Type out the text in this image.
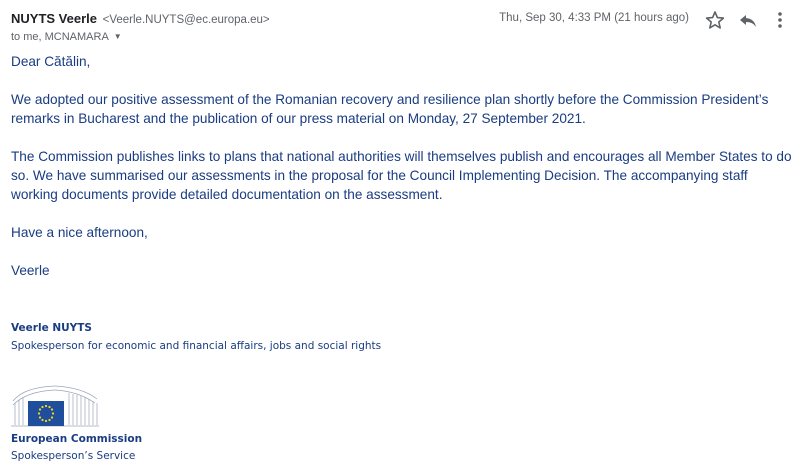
NUYTS Veerle <Veerle.NUYTS@ec.europa.eu>
to me, MCNAMARA ▼
Thu, Sep 30, 4:33 PM (21 hours ago)

Dear Cătălin,

We adopted our positive assessment of the Romanian recovery and resilience plan shortly before the Commission President’s remarks in Bucharest and the publication of our press material on Monday, 27 September 2021.

The Commission publishes links to plans that national authorities will themselves publish and encourages all Member States to do so. We have summarised our assessments in the proposal for the Council Implementing Decision. The accompanying staff working documents provide detailed documentation on the assessment.

Have a nice afternoon,

Veerle

Veerle NUYTS

Spokesperson for economic and financial affairs, jobs and social rights

European Commission

Spokesperson’s Service
